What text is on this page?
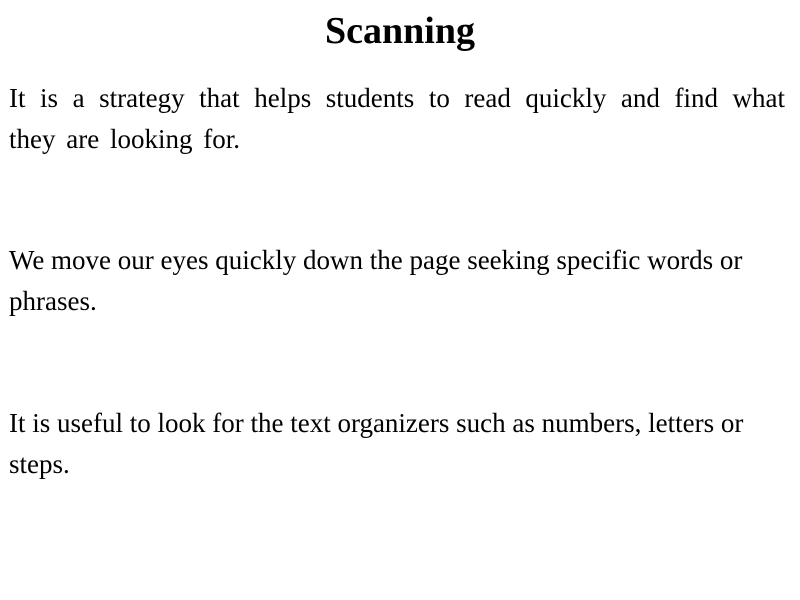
Scanning

It is a strategy that helps students to read quickly and find what they are looking for.

We move our eyes quickly down the page seeking specific words or phrases.

It is useful to look for the text organizers such as numbers, letters or steps.
